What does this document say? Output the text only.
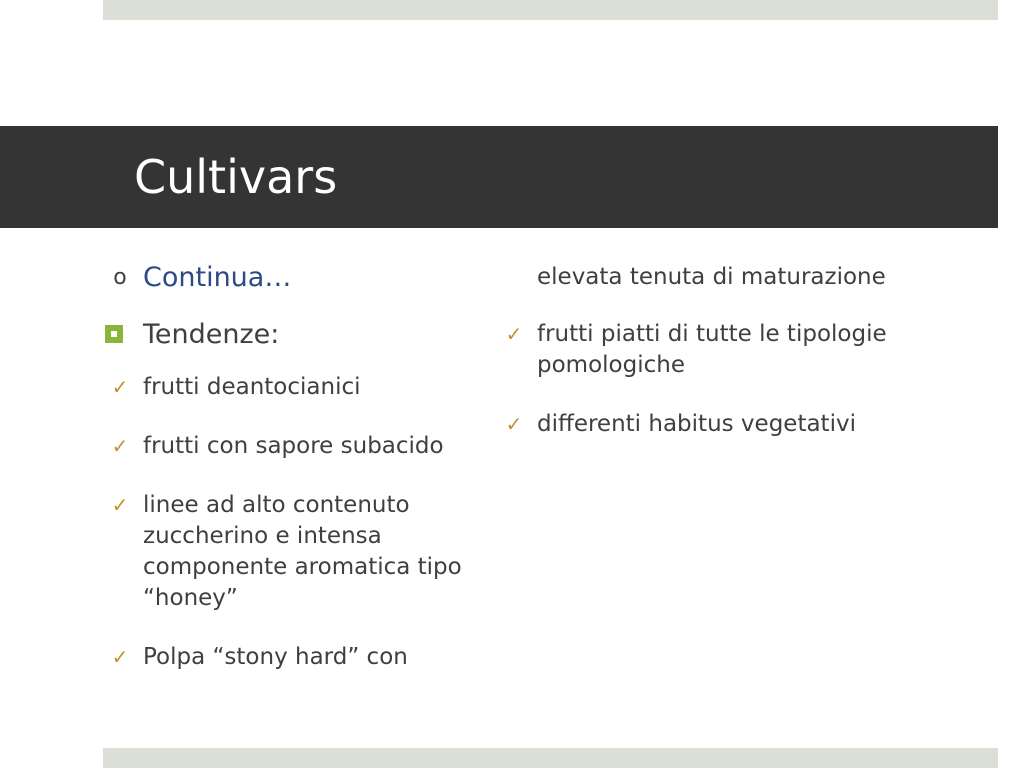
Cultivars
o Continua…
Tendenze:
✓ frutti deantocianici
✓ frutti con sapore subacido
✓ linee ad alto contenuto zuccherino e intensa componente aromatica tipo “honey”
✓ Polpa “stony hard” con
elevata tenuta di maturazione
✓ frutti piatti di tutte le tipologie pomologiche
✓ differenti habitus vegetativi
